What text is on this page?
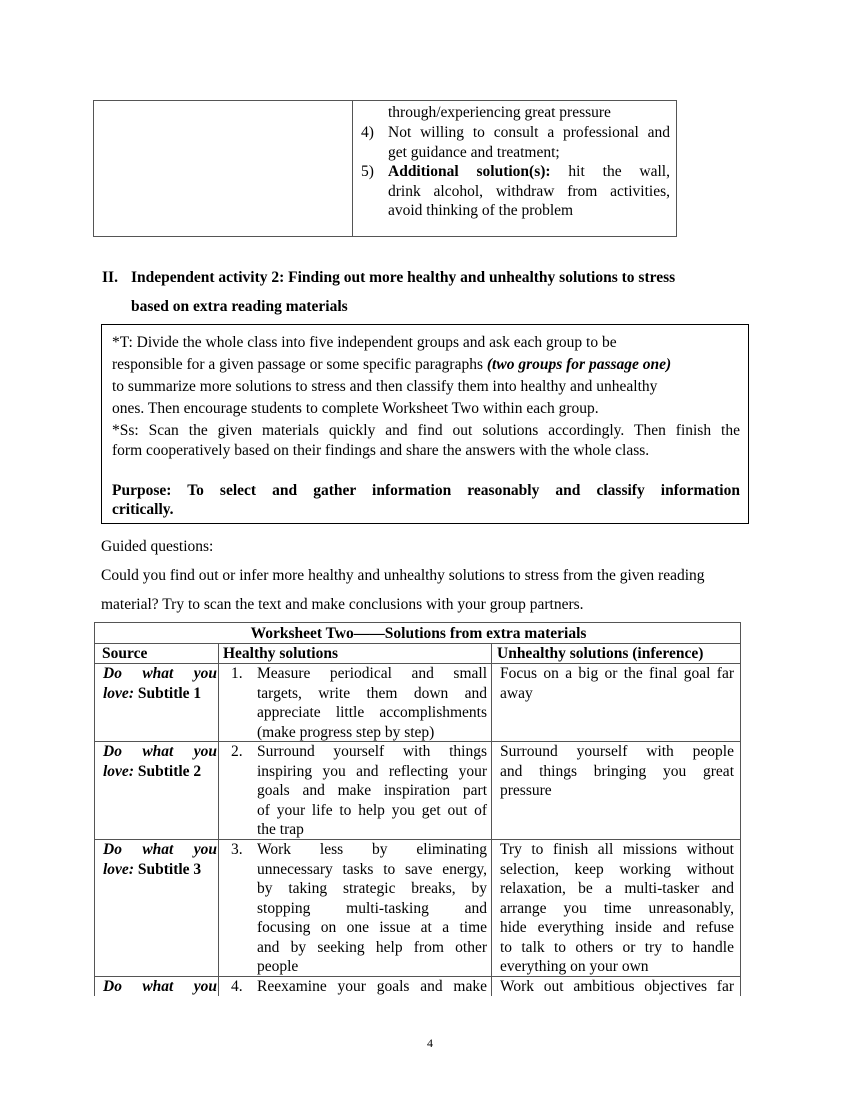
through/experiencing great pressure
4) Not willing to consult a professional and
get guidance and treatment;
5) Additional solution(s): hit the wall,
drink alcohol, withdraw from activities,
avoid thinking of the problem
II. Independent activity 2: Finding out more healthy and unhealthy solutions to stress
based on extra reading materials
*T: Divide the whole class into five independent groups and ask each group to be
responsible for a given passage or some specific paragraphs (two groups for passage one)
to summarize more solutions to stress and then classify them into healthy and unhealthy
ones. Then encourage students to complete Worksheet Two within each group.
*Ss: Scan the given materials quickly and find out solutions accordingly. Then finish the
form cooperatively based on their findings and share the answers with the whole class.
Purpose: To select and gather information reasonably and classify information
critically.
Guided questions:
Could you find out or infer more healthy and unhealthy solutions to stress from the given reading
material? Try to scan the text and make conclusions with your group partners.
Worksheet Two——Solutions from extra materials
Source	Healthy solutions	Unhealthy solutions (inference)
Do what you
love: Subtitle 1
1. Measure periodical and small
targets, write them down and
appreciate little accomplishments
(make progress step by step)
Focus on a big or the final goal far
away
Do what you
love: Subtitle 2
2. Surround yourself with things
inspiring you and reflecting your
goals and make inspiration part
of your life to help you get out of
the trap
Surround yourself with people
and things bringing you great
pressure
Do what you
love: Subtitle 3
3. Work less by eliminating
unnecessary tasks to save energy,
by taking strategic breaks, by
stopping multi-tasking and
focusing on one issue at a time
and by seeking help from other
people
Try to finish all missions without
selection, keep working without
relaxation, be a multi-tasker and
arrange you time unreasonably,
hide everything inside and refuse
to talk to others or try to handle
everything on your own
Do what you 4. Reexamine your goals and make Work out ambitious objectives far
4
